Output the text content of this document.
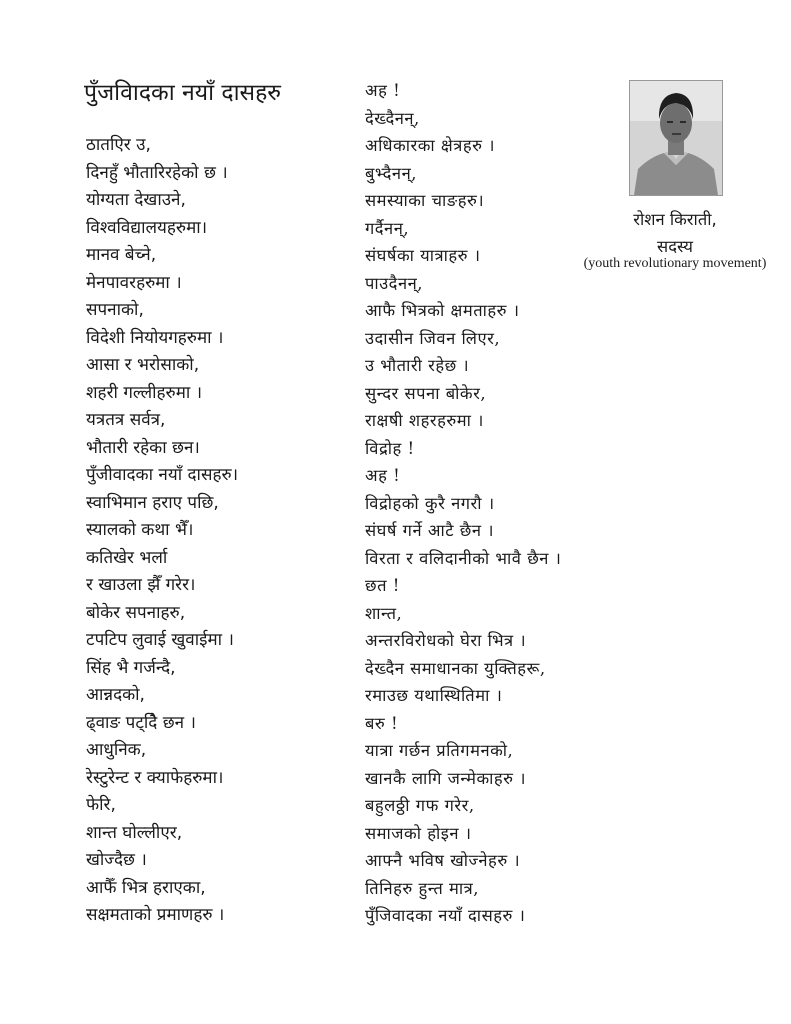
पुँजविादका नयाँ दासहरु
ठातएिर उ,
दिनहुँ भौतारिरहेको छ ।
योग्यता देखाउने,
विश्वविद्यालयहरुमा।
मानव बेच्ने,
मेनपावरहरुमा ।
सपनाको,
विदेशी नियोयगहरुमा ।
आसा र भरोसाको,
शहरी गल्लीहरुमा ।
यत्रतत्र सर्वत्र,
भौतारी रहेका छन।
पुँजीवादका नयाँ दासहरु।
स्वाभिमान हराए पछि,
स्यालको कथा भैँ।
कतिखेर भर्ला
र खाउला झैँ गरेर।
बोकेर सपनाहरु,
टपटिप लुवाई खुवाईमा ।
सिंह भै गर्जन्दै,
आन्नदको,
ढ्वाङ पट्दिै छन ।
आधुनिक,
रेस्टुरेन्ट र क्याफेहरुमा।
फेरि,
शान्त घोल्लीएर,
खोज्दैछ ।
आफैँ भित्र हराएका,
सक्षमताको प्रमाणहरु ।
अह !
देख्दैनन्,
अधिकारका क्षेत्रहरु ।
बुभ्दैनन्,
समस्याका चाङहरु।
गर्दैनन्,
संघर्षका यात्राहरु ।
पाउदैनन्,
आफै भित्रको क्षमताहरु ।
उदासीन जिवन लिएर,
उ भौतारी रहेछ ।
सुन्दर सपना बोकेर,
राक्षषी शहरहरुमा ।
विद्रोह !
अह !
विद्रोहको कुरै नगरौ ।
संघर्ष गर्ने आटै छैन ।
विरता र वलिदानीको भावै छैन ।
छत !
शान्त,
अन्तरविरोधको घेरा भित्र ।
देख्दैन समाधानका युक्तिहरू,
रमाउछ यथास्थितिमा ।
बरु !
यात्रा गर्छन प्रतिगमनको,
खानकै लागि जन्मेकाहरु ।
बहुलठ्ठी गफ गरेर,
समाजको होइन ।
आफ्नै भविष खोज्नेहरु ।
तिनिहरु हुन्त मात्र,
पुँजिवादका नयाँ दासहरु ।
रोशन किराती,
सदस्य
(youth revolutionary movement)
